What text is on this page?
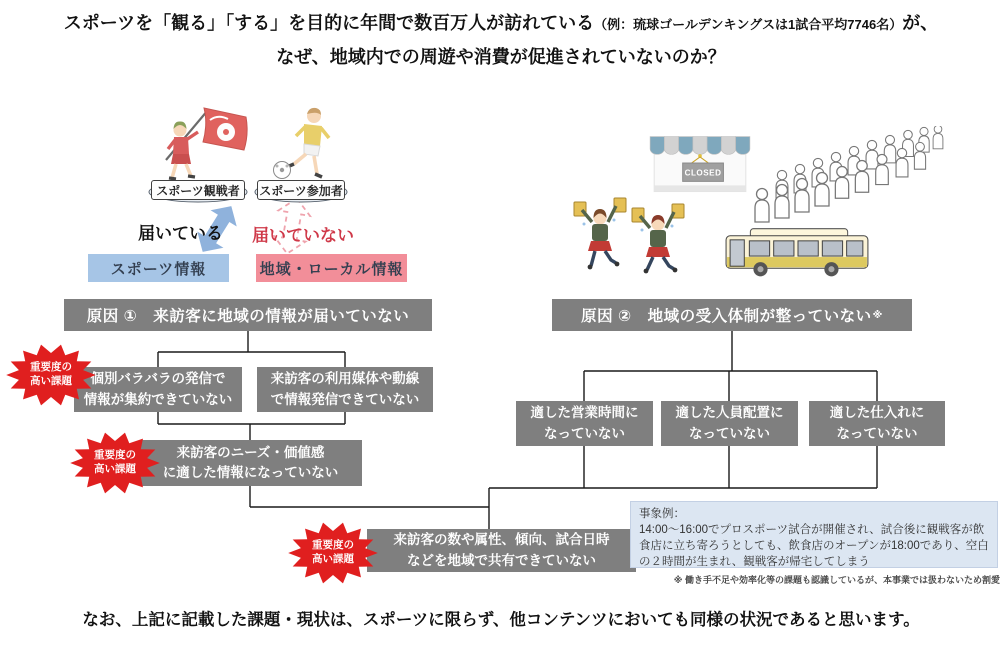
スポーツを「観る」「する」を目的に年間で数百万人が訪れている（例：琉球ゴールデンキングスは1試合平均7746名）が、
なぜ、地域内での周遊や消費が促進されていないのか？
スポーツ観戦者	スポーツ参加者
届いている 届いていない
スポーツ情報	地域・ローカル情報
CLOSED
原因 ①　来訪客に地域の情報が届いていない	原因 ②　地域の受入体制が整っていない ※
個別バラバラの発信で
情報が集約できていない
来訪客の利用媒体や動線
で情報発信できていない
来訪客のニーズ・価値感
に適した情報になっていない
適した営業時間に
なっていない
適した人員配置に
なっていない
適した仕入れに
なっていない
来訪客の数や属性、傾向、試合日時
などを地域で共有できていない
重要度の
高い課題
重要度の
高い課題
重要度の
高い課題
事象例：
14:00〜16:00でプロスポーツ試合が開催され、試合後に観戦客が飲食店に立ち寄ろうとしても、飲食店のオープンが18:00であり、空白の２時間が生まれ、観戦客が帰宅してしまう
※ 働き手不足や効率化等の課題も認識しているが、本事業では扱わないため割愛
なお、上記に記載した課題・現状は、スポーツに限らず、他コンテンツにおいても同様の状況であると思います。
